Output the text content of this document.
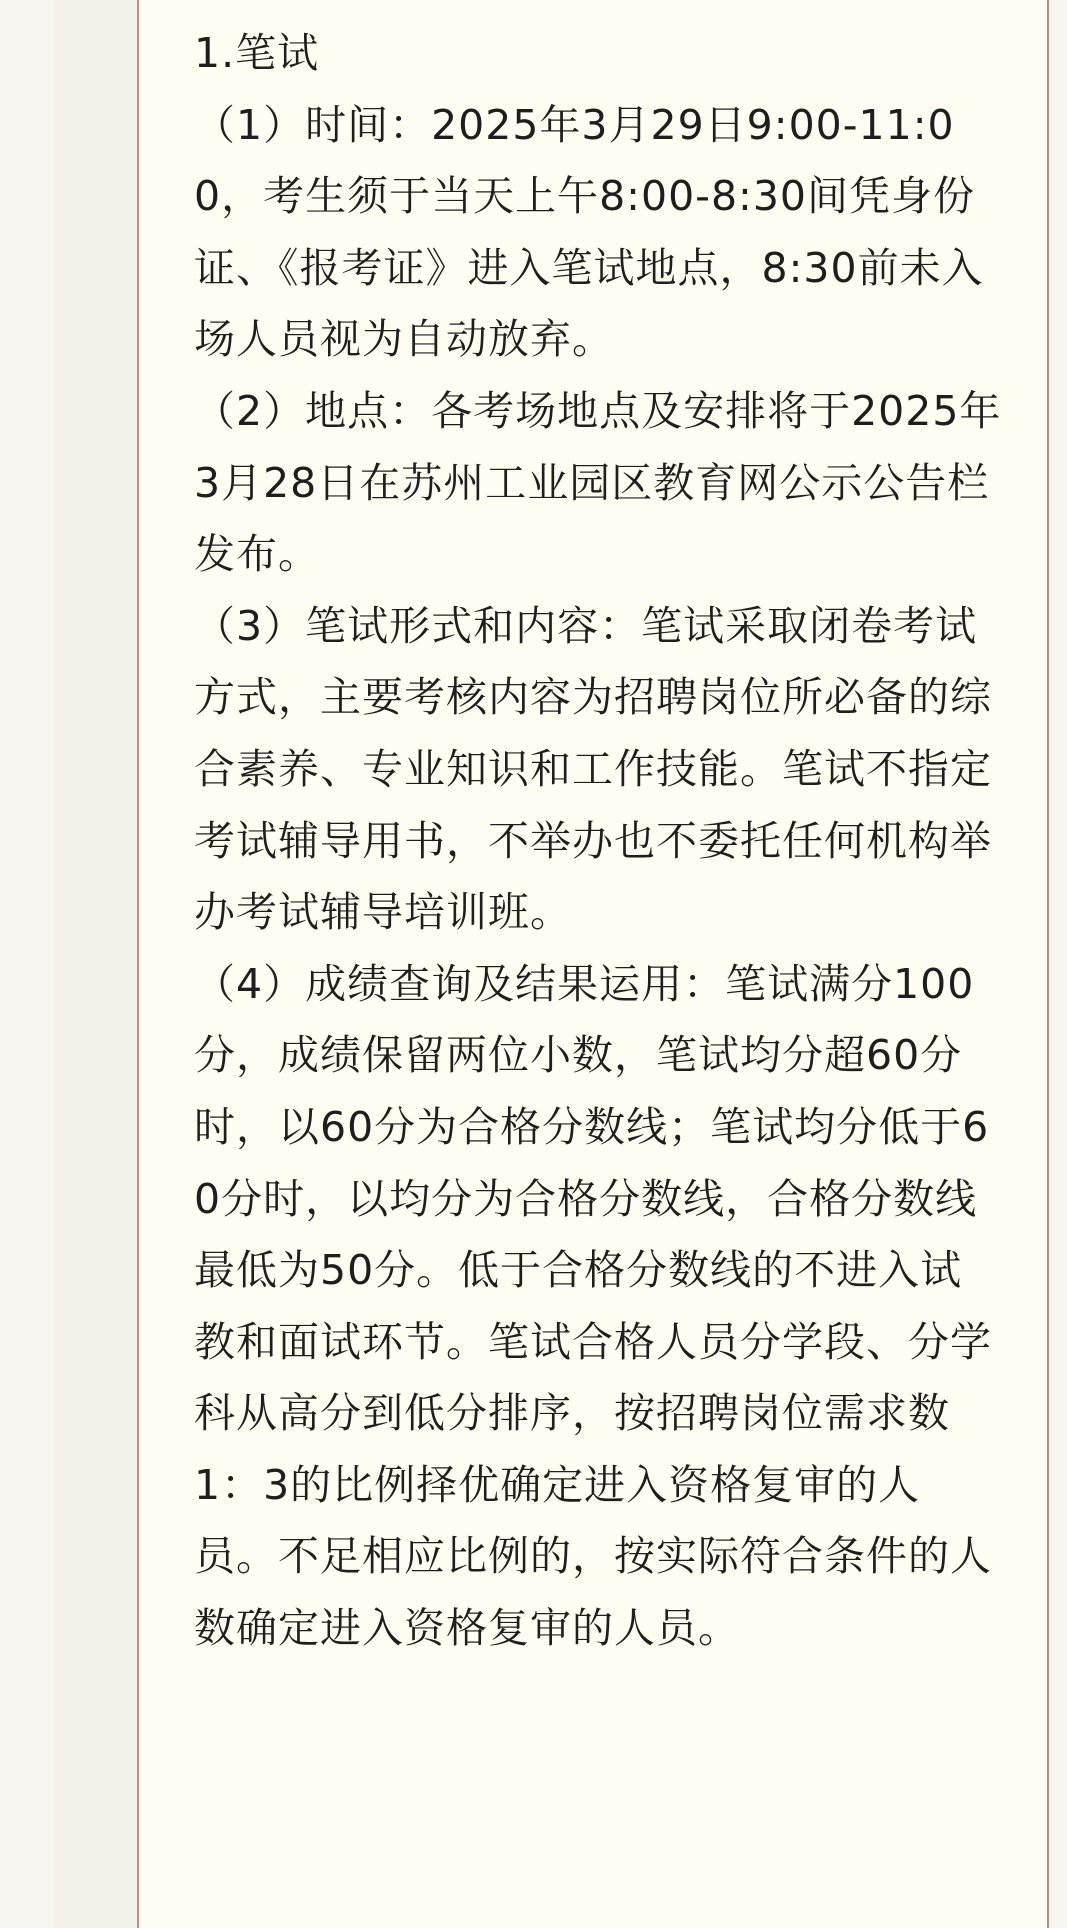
1.笔试

（1）时间：2025年3月29日9:00-11:00，考生须于当天上午8:00-8:30间凭身份证、《报考证》进入笔试地点，8:30前未入场人员视为自动放弃。

（2）地点：各考场地点及安排将于2025年3月28日在苏州工业园区教育网公示公告栏发布。

（3）笔试形式和内容：笔试采取闭卷考试方式，主要考核内容为招聘岗位所必备的综合素养、专业知识和工作技能。笔试不指定考试辅导用书，不举办也不委托任何机构举办考试辅导培训班。

（4）成绩查询及结果运用：笔试满分100分，成绩保留两位小数，笔试均分超60分时，以60分为合格分数线；笔试均分低于60分时，以均分为合格分数线，合格分数线最低为50分。低于合格分数线的不进入试教和面试环节。笔试合格人员分学段、分学科从高分到低分排序，按招聘岗位需求数1：3的比例择优确定进入资格复审的人员。不足相应比例的，按实际符合条件的人数确定进入资格复审的人员。
